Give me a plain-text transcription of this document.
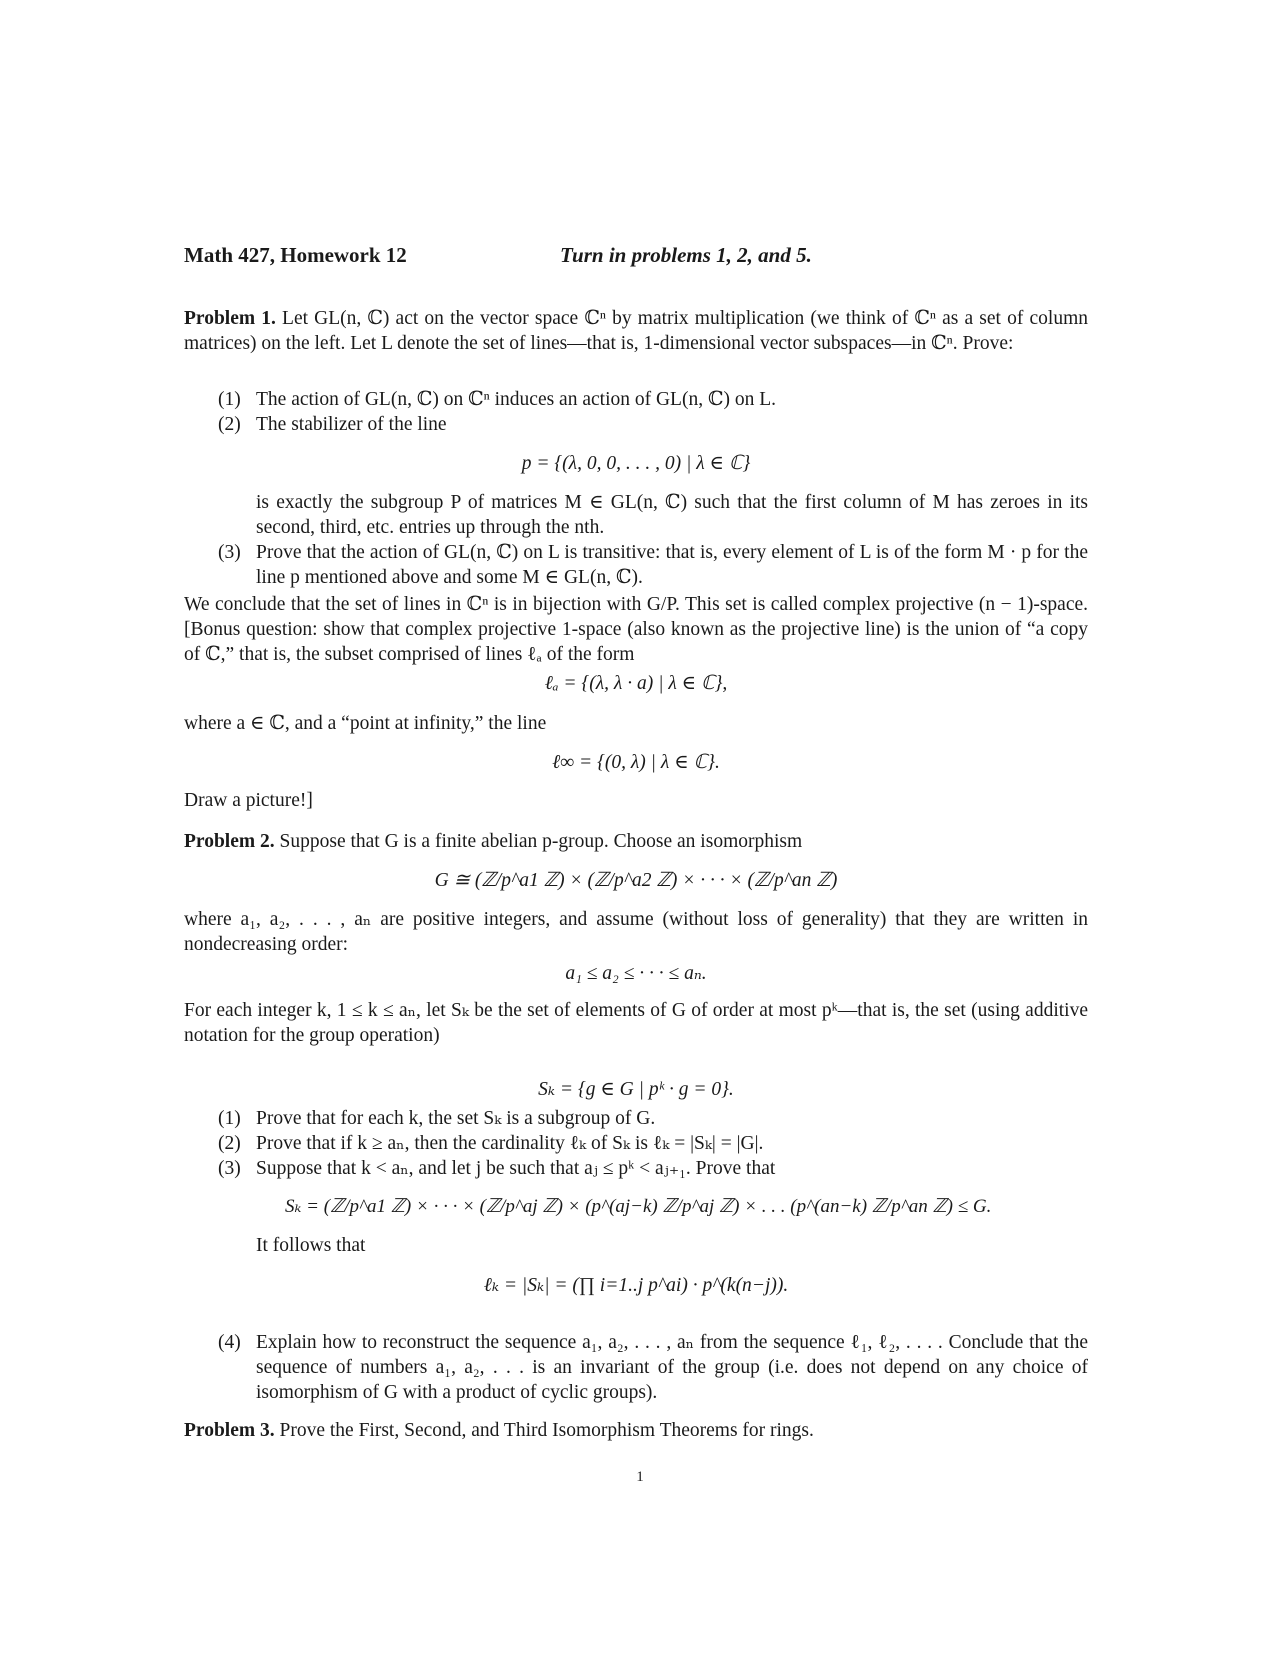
Math 427, Homework 12	Turn in problems 1, 2, and 5.
Problem 1. Let GL(n, ℂ) act on the vector space ℂⁿ by matrix multiplication (we think of ℂⁿ as a set of column matrices) on the left. Let L denote the set of lines—that is, 1-dimensional vector subspaces—in ℂⁿ. Prove:
(1) The action of GL(n, ℂ) on ℂⁿ induces an action of GL(n, ℂ) on L.
(2) The stabilizer of the line
p = {(λ, 0, 0, . . . , 0) | λ ∈ ℂ}
is exactly the subgroup P of matrices M ∈ GL(n, ℂ) such that the first column of M has zeroes in its second, third, etc. entries up through the nth.
(3) Prove that the action of GL(n, ℂ) on L is transitive: that is, every element of L is of the form M · p for the line p mentioned above and some M ∈ GL(n, ℂ).
We conclude that the set of lines in ℂⁿ is in bijection with G/P. This set is called complex projective (n − 1)-space. [Bonus question: show that complex projective 1-space (also known as the projective line) is the union of “a copy of ℂ,” that is, the subset comprised of lines ℓₐ of the form
ℓₐ = {(λ, λ · a) | λ ∈ ℂ},
where a ∈ ℂ, and a “point at infinity,” the line
ℓ∞ = {(0, λ) | λ ∈ ℂ}.
Draw a picture!]
Problem 2. Suppose that G is a finite abelian p-group. Choose an isomorphism
G ≅ (ℤ/p^a1 ℤ) × (ℤ/p^a2 ℤ) × · · · × (ℤ/p^an ℤ)
where a₁, a₂, . . . , aₙ are positive integers, and assume (without loss of generality) that they are written in nondecreasing order:
a₁ ≤ a₂ ≤ · · · ≤ aₙ.
For each integer k, 1 ≤ k ≤ aₙ, let Sₖ be the set of elements of G of order at most pᵏ—that is, the set (using additive notation for the group operation)
Sₖ = {g ∈ G | pᵏ · g = 0}.
(1) Prove that for each k, the set Sₖ is a subgroup of G.
(2) Prove that if k ≥ aₙ, then the cardinality ℓₖ of Sₖ is ℓₖ = |Sₖ| = |G|.
(3) Suppose that k < aₙ, and let j be such that aⱼ ≤ pᵏ < aⱼ₊₁. Prove that
Sₖ = (ℤ/p^a1 ℤ) × · · · × (ℤ/p^aj ℤ) × (p^(aj−k) ℤ/p^aj ℤ) × . . . (p^(an−k) ℤ/p^an ℤ) ≤ G.
It follows that
ℓₖ = |Sₖ| = (∏ i=1..j p^ai) · p^(k(n−j)).
(4) Explain how to reconstruct the sequence a₁, a₂, . . . , aₙ from the sequence ℓ₁, ℓ₂, . . . . Conclude that the sequence of numbers a₁, a₂, . . . is an invariant of the group (i.e. does not depend on any choice of isomorphism of G with a product of cyclic groups).
Problem 3. Prove the First, Second, and Third Isomorphism Theorems for rings.
1
